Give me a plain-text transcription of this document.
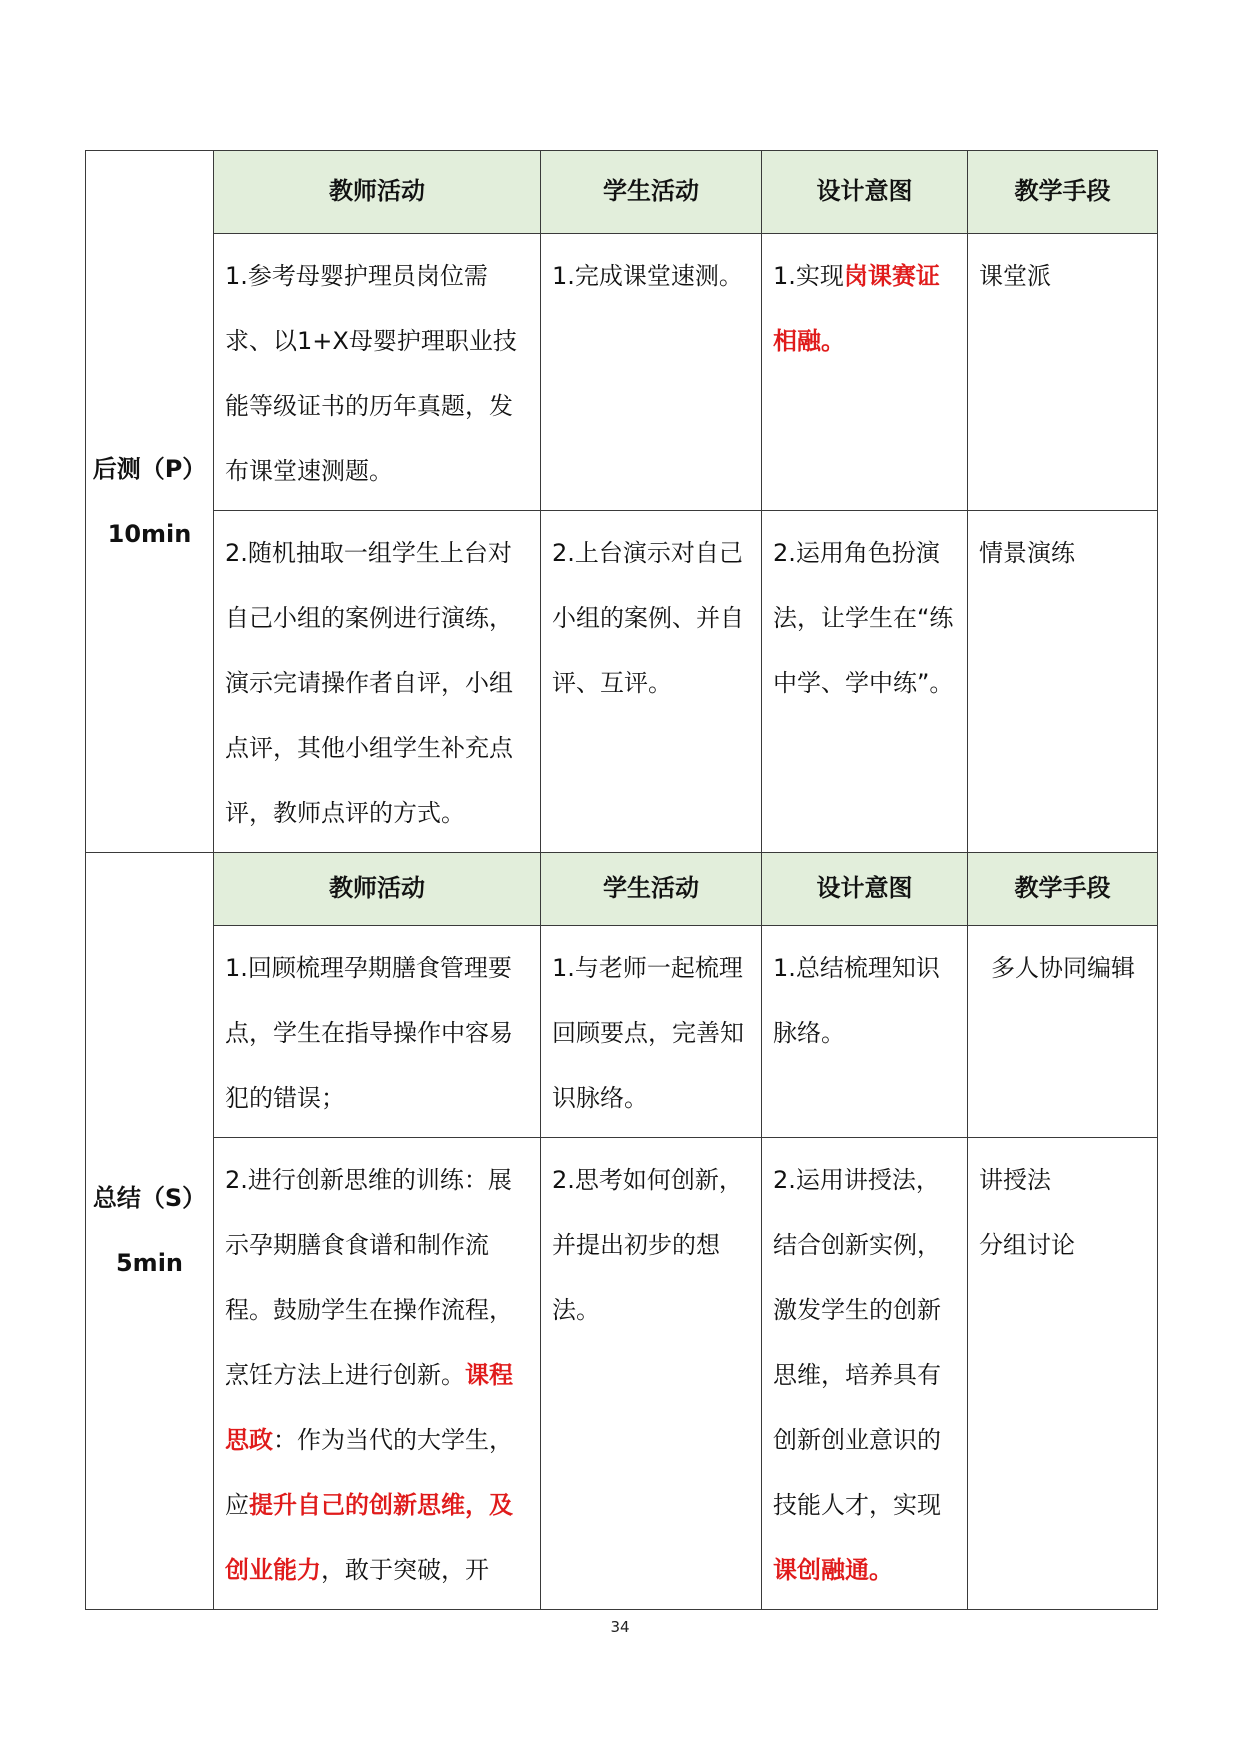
后测（P）
10min	教师活动	学生活动	设计意图	教学手段
	1.参考母婴护理员岗位需求、以1+X母婴护理职业技能等级证书的历年真题，发布课堂速测题。	1.完成课堂速测。	1.实现岗课赛证相融。	课堂派
	2.随机抽取一组学生上台对自己小组的案例进行演练，演示完请操作者自评，小组点评，其他小组学生补充点评，教师点评的方式。	2.上台演示对自己小组的案例、并自评、互评。	2.运用角色扮演法，让学生在“练中学、学中练”。	情景演练

总结（S）
5min	教师活动	学生活动	设计意图	教学手段
	1.回顾梳理孕期膳食管理要点，学生在指导操作中容易犯的错误；	1.与老师一起梳理回顾要点，完善知识脉络。	1.总结梳理知识脉络。	多人协同编辑
	2.进行创新思维的训练：展示孕期膳食食谱和制作流程。鼓励学生在操作流程，烹饪方法上进行创新。课程思政：作为当代的大学生，应提升自己的创新思维，及创业能力，敢于突破，开	2.思考如何创新，并提出初步的想法。	2.运用讲授法，结合创新实例，激发学生的创新思维，培养具有创新创业意识的技能人才，实现课创融通。	讲授法
分组讨论
34
